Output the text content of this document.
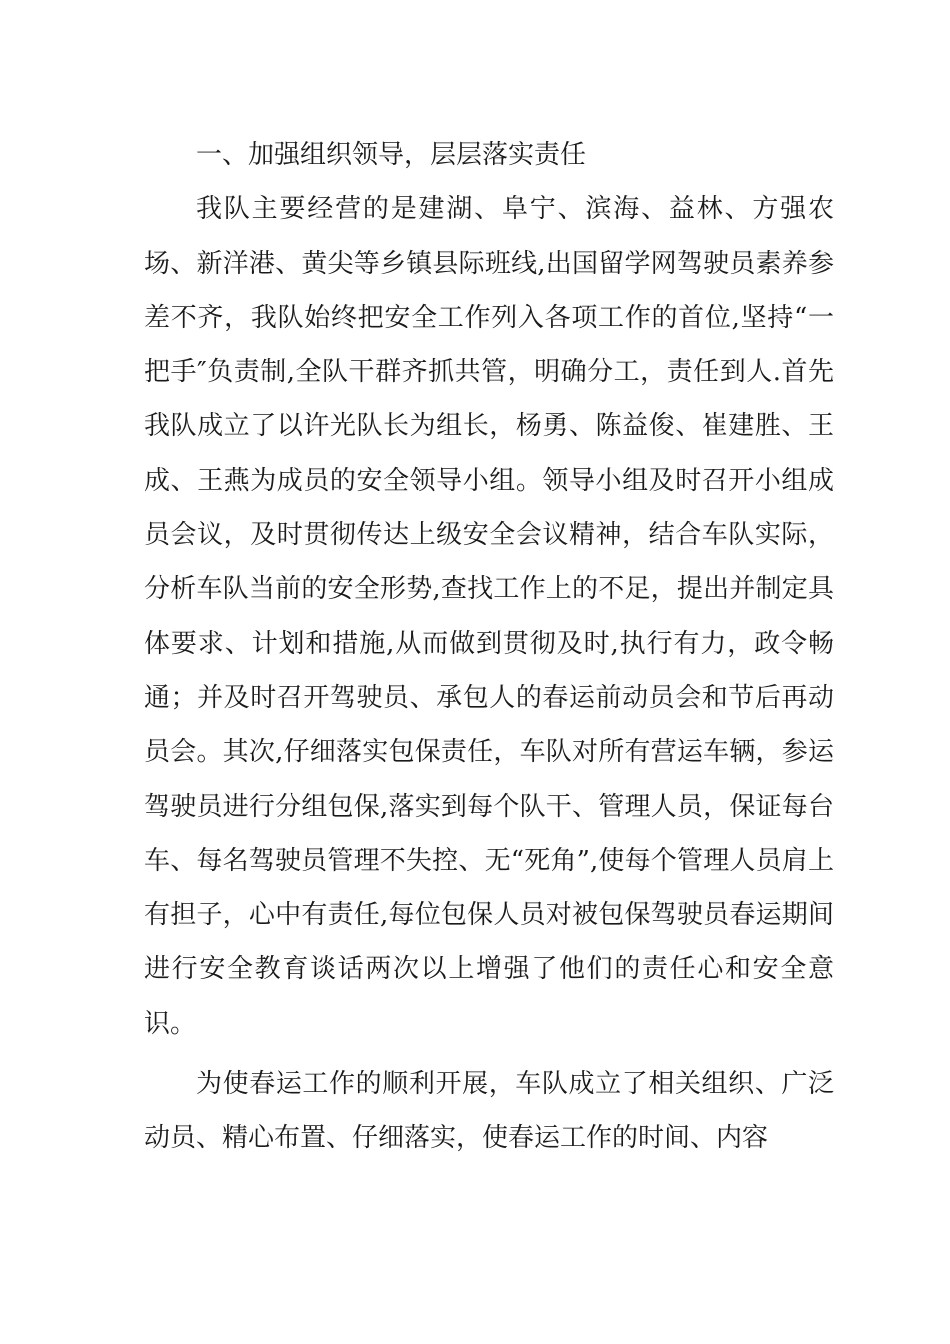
一、加强组织领导，层层落实责任

我队主要经营的是建湖、阜宁、滨海、益林、方强农场、新洋港、黄尖等乡镇县际班线,出国留学网驾驶员素养参差不齐，我队始终把安全工作列入各项工作的首位,坚持“一把手″负责制,全队干群齐抓共管，明确分工，责任到人.首先我队成立了以许光队长为组长，杨勇、陈益俊、崔建胜、王成、王燕为成员的安全领导小组。领导小组及时召开小组成员会议，及时贯彻传达上级安全会议精神，结合车队实际，分析车队当前的安全形势,查找工作上的不足，提出并制定具体要求、计划和措施,从而做到贯彻及时,执行有力，政令畅通；并及时召开驾驶员、承包人的春运前动员会和节后再动员会。其次,仔细落实包保责任，车队对所有营运车辆，参运驾驶员进行分组包保,落实到每个队干、管理人员，保证每台车、每名驾驶员管理不失控、无“死角”,使每个管理人员肩上有担子，心中有责任,每位包保人员对被包保驾驶员春运期间进行安全教育谈话两次以上增强了他们的责任心和安全意识。

为使春运工作的顺利开展，车队成立了相关组织、广泛动员、精心布置、仔细落实，使春运工作的时间、内容
